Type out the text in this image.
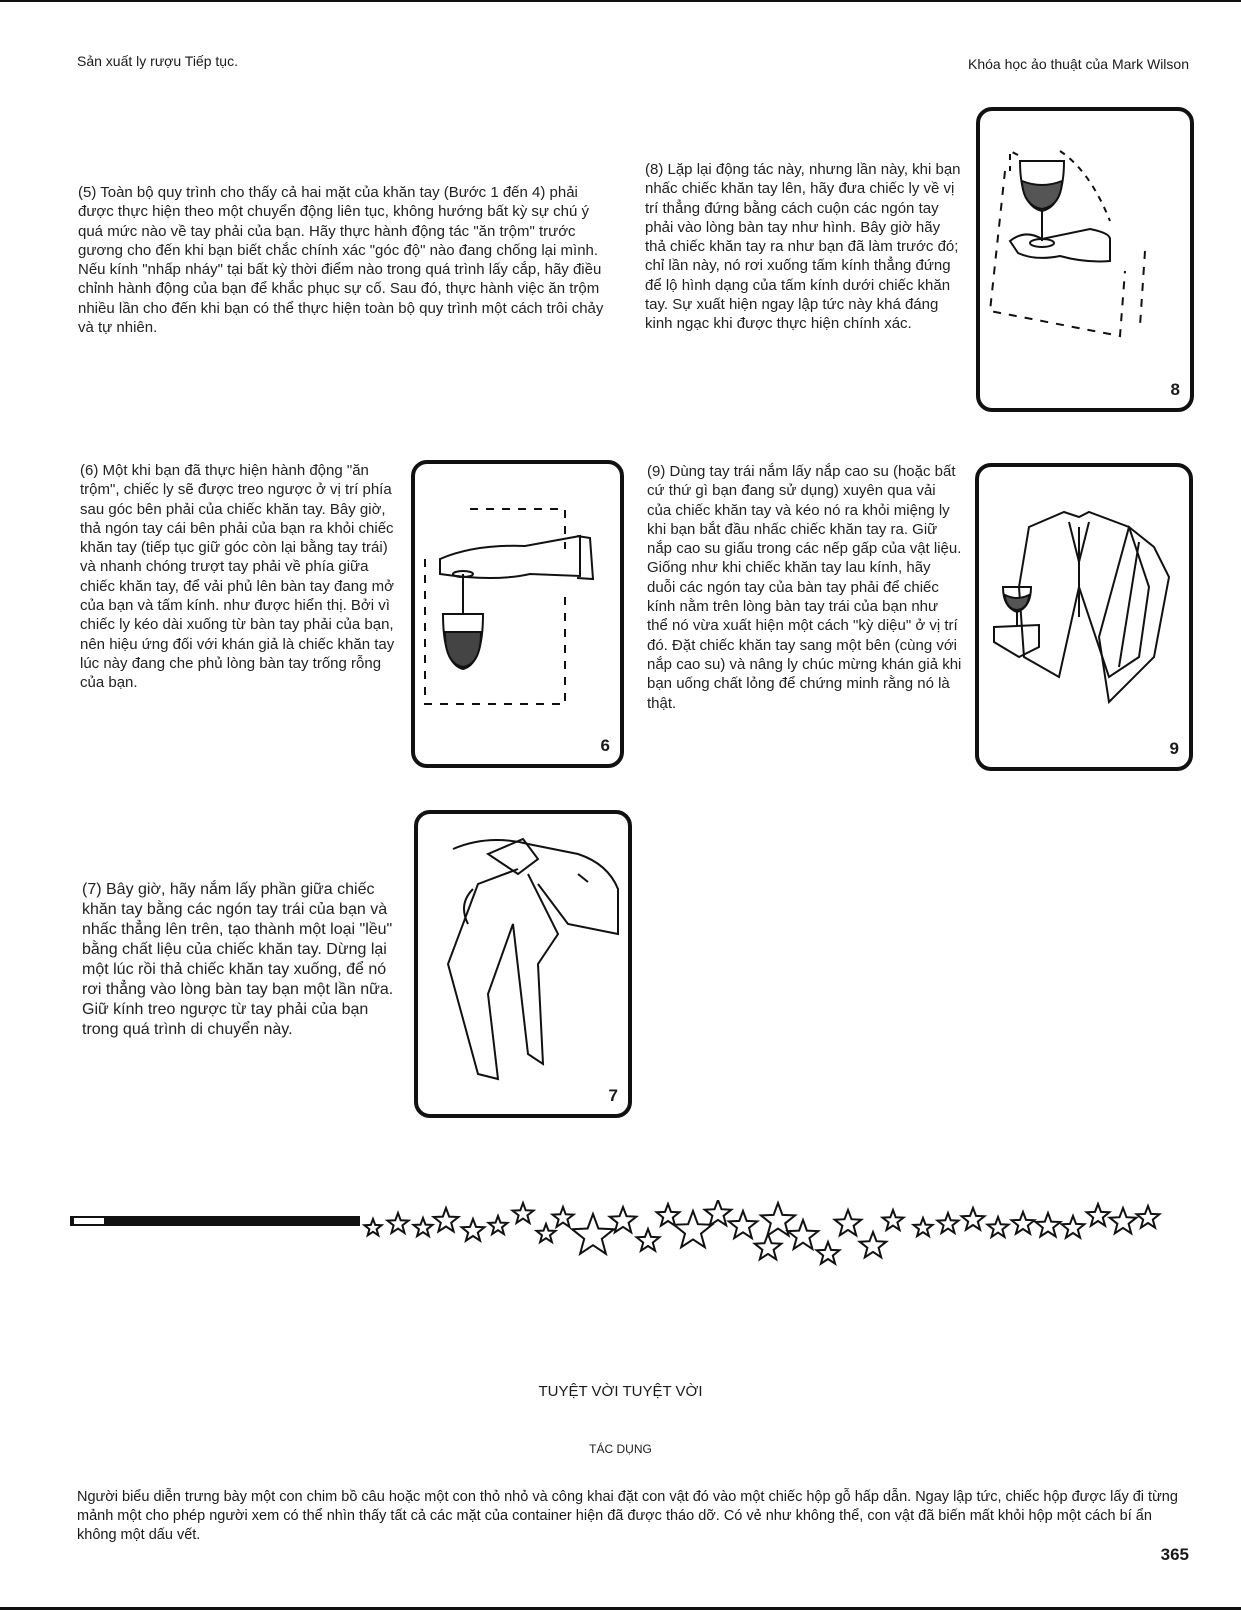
Sản xuất ly rượu Tiếp tục.	Khóa học ảo thuật của Mark Wilson

(5) Toàn bộ quy trình cho thấy cả hai mặt của khăn tay (Bước 1 đến 4) phải được thực hiện theo một chuyển động liên tục, không hướng bất kỳ sự chú ý quá mức nào về tay phải của bạn. Hãy thực hành động tác "ăn trộm" trước gương cho đến khi bạn biết chắc chính xác "góc độ" nào đang chống lại mình. Nếu kính "nhấp nháy" tại bất kỳ thời điểm nào trong quá trình lấy cắp, hãy điều chỉnh hành động của bạn để khắc phục sự cố. Sau đó, thực hành việc ăn trộm nhiều lần cho đến khi bạn có thể thực hiện toàn bộ quy trình một cách trôi chảy và tự nhiên.

(8) Lặp lại động tác này, nhưng lần này, khi bạn nhấc chiếc khăn tay lên, hãy đưa chiếc ly về vị trí thẳng đứng bằng cách cuộn các ngón tay phải vào lòng bàn tay như hình. Bây giờ hãy thả chiếc khăn tay ra như bạn đã làm trước đó; chỉ lần này, nó rơi xuống tấm kính thẳng đứng để lộ hình dạng của tấm kính dưới chiếc khăn tay. Sự xuất hiện ngay lập tức này khá đáng kinh ngạc khi được thực hiện chính xác.

(6) Một khi bạn đã thực hiện hành động "ăn trộm", chiếc ly sẽ được treo ngược ở vị trí phía sau góc bên phải của chiếc khăn tay. Bây giờ, thả ngón tay cái bên phải của bạn ra khỏi chiếc khăn tay (tiếp tục giữ góc còn lại bằng tay trái) và nhanh chóng trượt tay phải về phía giữa chiếc khăn tay, để vải phủ lên bàn tay đang mở của bạn và tấm kính. như được hiển thị. Bởi vì chiếc ly kéo dài xuống từ bàn tay phải của bạn, nên hiệu ứng đối với khán giả là chiếc khăn tay lúc này đang che phủ lòng bàn tay trống rỗng của bạn.

(9) Dùng tay trái nắm lấy nắp cao su (hoặc bất cứ thứ gì bạn đang sử dụng) xuyên qua vải của chiếc khăn tay và kéo nó ra khỏi miệng ly khi bạn bắt đầu nhấc chiếc khăn tay ra. Giữ nắp cao su giấu trong các nếp gấp của vật liệu. Giống như khi chiếc khăn tay lau kính, hãy duỗi các ngón tay của bàn tay phải để chiếc kính nằm trên lòng bàn tay trái của bạn như thể nó vừa xuất hiện một cách "kỳ diệu" ở vị trí đó. Đặt chiếc khăn tay sang một bên (cùng với nắp cao su) và nâng ly chúc mừng khán giả khi bạn uống chất lỏng để chứng minh rằng nó là thật.

(7) Bây giờ, hãy nắm lấy phần giữa chiếc khăn tay bằng các ngón tay trái của bạn và nhấc thẳng lên trên, tạo thành một loại "lều" bằng chất liệu của chiếc khăn tay. Dừng lại một lúc rồi thả chiếc khăn tay xuống, để nó rơi thẳng vào lòng bàn tay bạn một lần nữa. Giữ kính treo ngược từ tay phải của bạn trong quá trình di chuyển này.

8
6	9
7
TUYỆT VỜI TUYỆT VỜI
TÁC DỤNG
Người biểu diễn trưng bày một con chim bồ câu hoặc một con thỏ nhỏ và công khai đặt con vật đó vào một chiếc hộp gỗ hấp dẫn. Ngay lập tức, chiếc hộp được lấy đi từng mảnh một cho phép người xem có thể nhìn thấy tất cả các mặt của container hiện đã được tháo dỡ. Có vẻ như không thể, con vật đã biến mất khỏi hộp một cách bí ẩn không một dấu vết.
365
